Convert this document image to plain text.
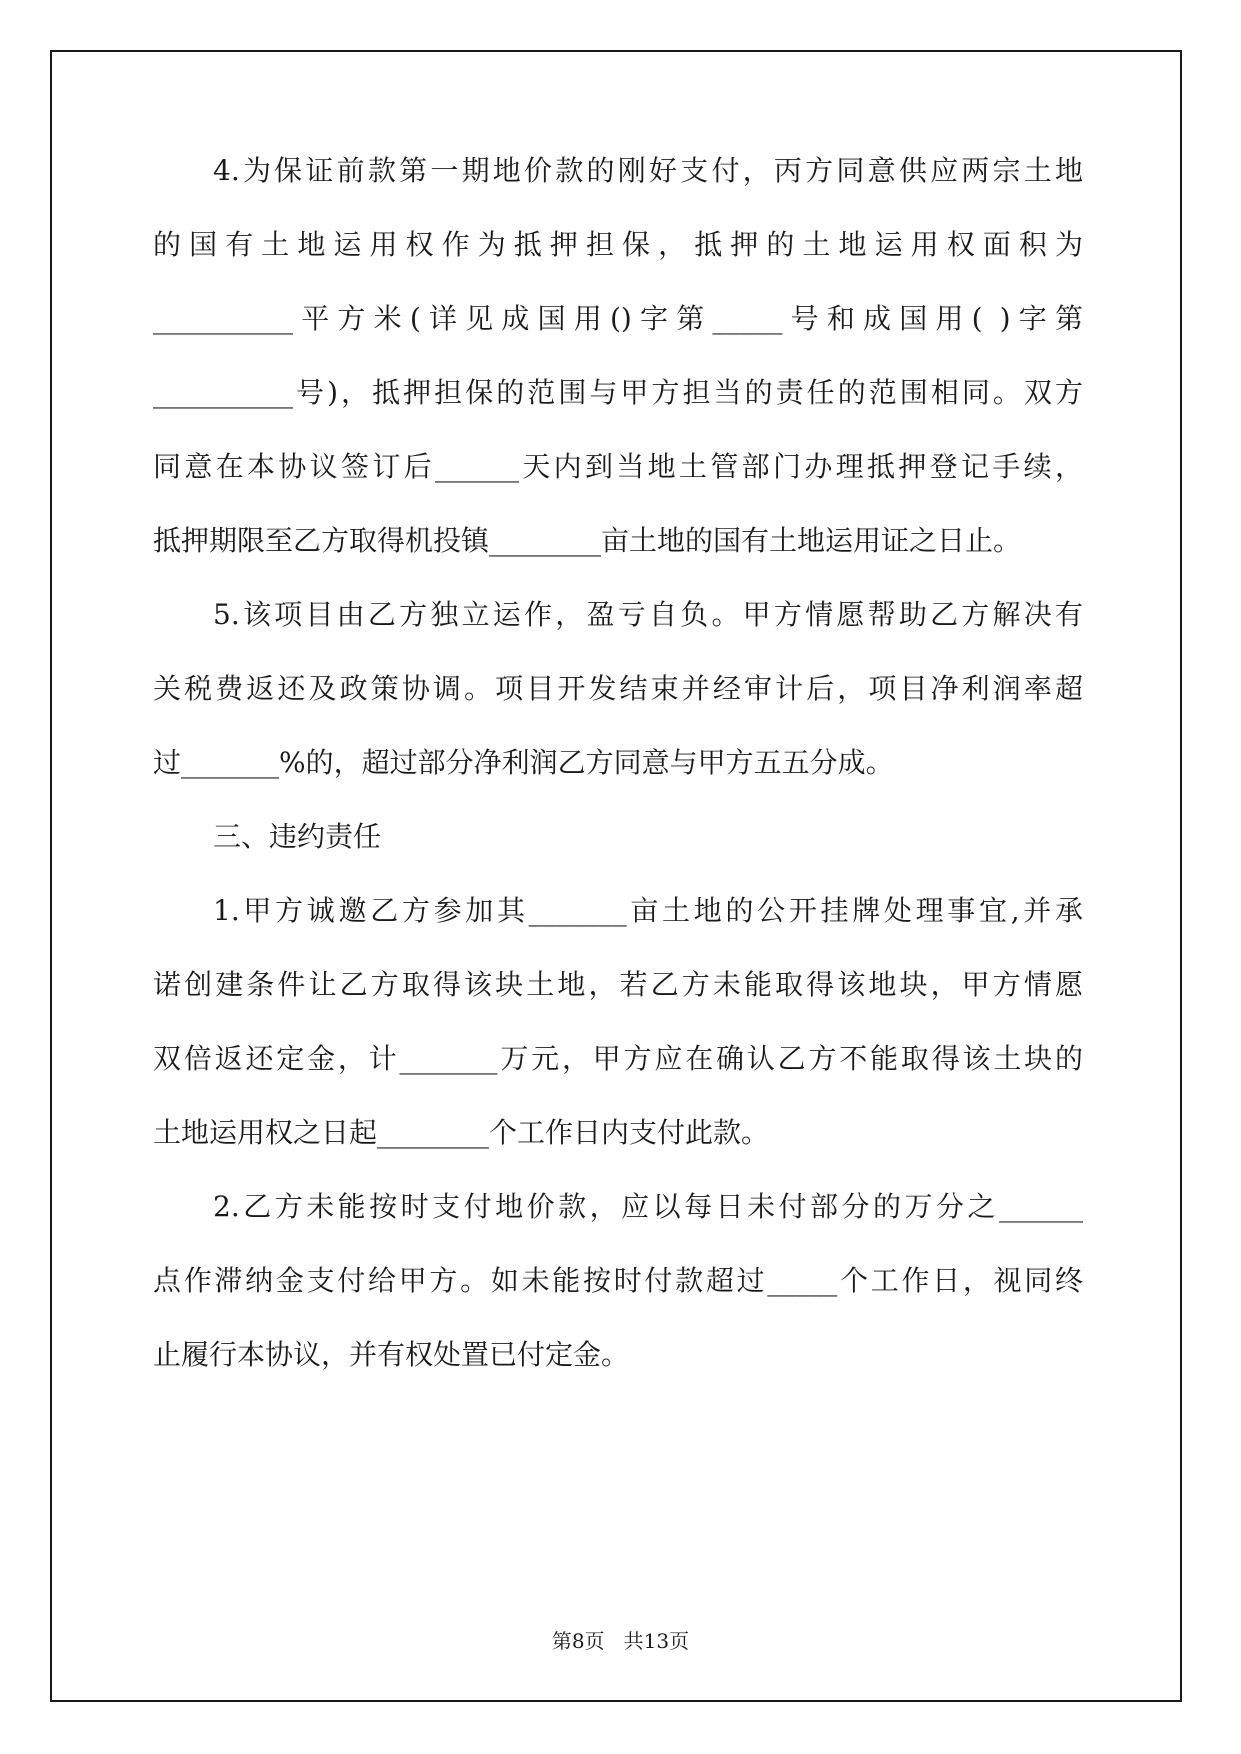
4.为保证前款第一期地价款的刚好支付，丙方同意供应两宗土地
的国有土地运用权作为抵押担保，抵押的土地运用权面积为
__________平方米(详见成国用()字第_____号和成国用( )字第
__________号)，抵押担保的范围与甲方担当的责任的范围相同。双方
同意在本协议签订后______天内到当地土管部门办理抵押登记手续，
抵押期限至乙方取得机投镇________亩土地的国有土地运用证之日止。
5.该项目由乙方独立运作，盈亏自负。甲方情愿帮助乙方解决有
关税费返还及政策协调。项目开发结束并经审计后，项目净利润率超
过_______%的，超过部分净利润乙方同意与甲方五五分成。
三、违约责任
1.甲方诚邀乙方参加其_______亩土地的公开挂牌处理事宜,并承
诺创建条件让乙方取得该块土地，若乙方未能取得该地块，甲方情愿
双倍返还定金，计_______万元，甲方应在确认乙方不能取得该土块的
土地运用权之日起________个工作日内支付此款。
2.乙方未能按时支付地价款，应以每日未付部分的万分之______
点作滞纳金支付给甲方。如未能按时付款超过_____个工作日，视同终
止履行本协议，并有权处置已付定金。
第8页   共13页
